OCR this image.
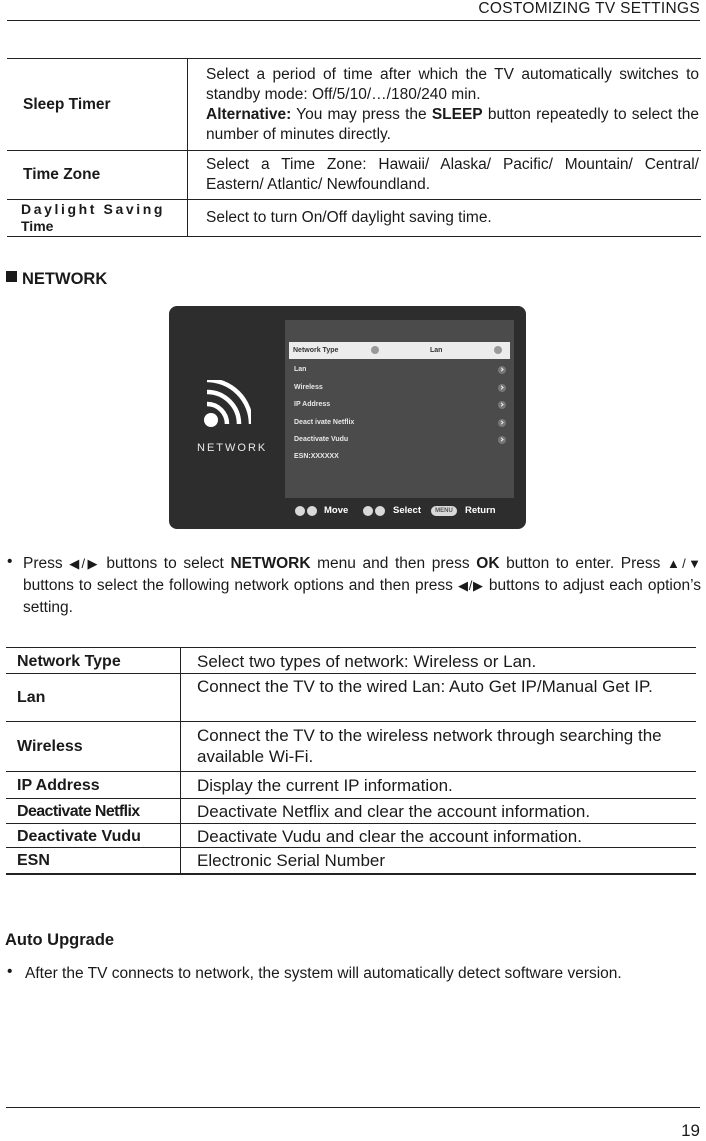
COSTOMIZING TV SETTINGS
Sleep Timer	Select a period of time after which the TV automatically switches to standby mode: Off/5/10/…/180/240 min.
Alternative: You may press the SLEEP button repeatedly to select the number of minutes directly.
Time Zone	Select a Time Zone: Hawaii/ Alaska/ Pacific/ Mountain/ Central/ Eastern/ Atlantic/ Newfoundland.
Daylight Saving
Time	Select to turn On/Off daylight saving time.
NETWORK
NETWORK
Network Type	Lan
Lan
Wireless
IP Address
Deact ivate Netflix
Deactivate Vudu
ESN:XXXXXX
Move	Select	MENU	Return
• Press ◀/▶ buttons to select NETWORK menu and then press OK button to enter. Press ▲/▼ buttons to select the following network options and then press ◀/▶ buttons to adjust each option’s setting.
Network Type	Select two types of network: Wireless or Lan.
Lan	Connect the TV to the wired Lan: Auto Get IP/Manual Get IP.
Wireless	Connect the TV to the wireless network through searching the available Wi-Fi.
IP Address	Display the current IP information.
Deactivate Netflix	Deactivate Netflix and clear the account information.
Deactivate Vudu	Deactivate Vudu and clear the account information.
ESN	Electronic Serial Number
Auto Upgrade
• After the TV connects to network, the system will automatically detect software version.
19
